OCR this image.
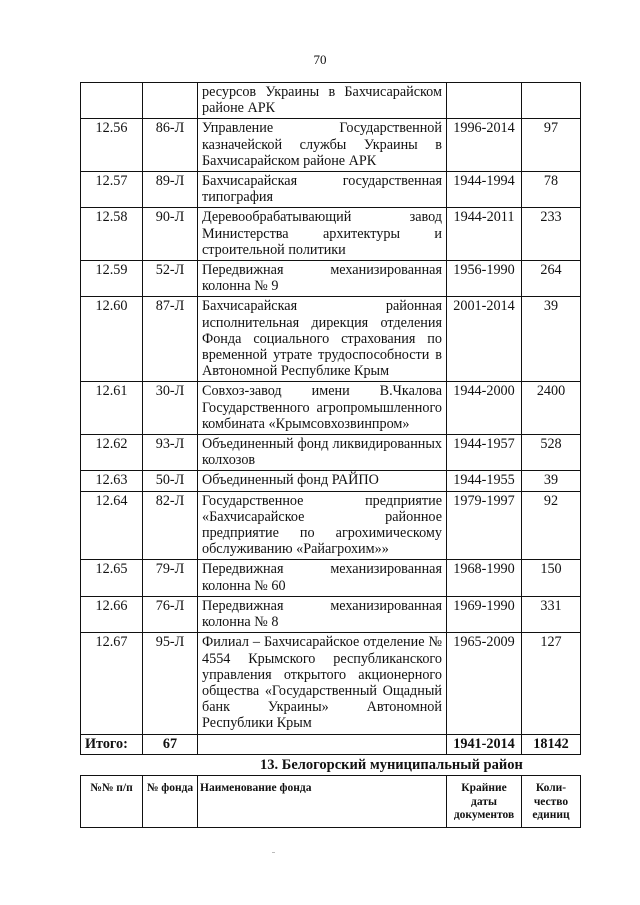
70
		ресурсов Украины в Бахчисарайском районе АРК		
12.56	86-Л	Управление Государственной казначейской службы Украины в Бахчисарайском районе АРК	1996-2014	97
12.57	89-Л	Бахчисарайская государственная типография	1944-1994	78
12.58	90-Л	Деревообрабатывающий завод Министерства архитектуры и строительной политики	1944-2011	233
12.59	52-Л	Передвижная механизированная колонна № 9	1956-1990	264
12.60	87-Л	Бахчисарайская районная исполнительная дирекция отделения Фонда социального страхования по временной утрате трудоспособности в Автономной Республике Крым	2001-2014	39
12.61	30-Л	Совхоз-завод имени В.Чкалова Государственного агропромышленного комбината «Крымсовхозвинпром»	1944-2000	2400
12.62	93-Л	Объединенный фонд ликвидированных колхозов	1944-1957	528
12.63	50-Л	Объединенный фонд РАЙПО	1944-1955	39
12.64	82-Л	Государственное предприятие «Бахчисарайское районное предприятие по агрохимическому обслуживанию «Райагрохим»»	1979-1997	92
12.65	79-Л	Передвижная механизированная колонна № 60	1968-1990	150
12.66	76-Л	Передвижная механизированная колонна № 8	1969-1990	331
12.67	95-Л	Филиал – Бахчисарайское отделение № 4554 Крымского республиканского управления открытого акционерного общества «Государственный Ощадный банк Украины» Автономной Республики Крым	1965-2009	127
Итого:	67		1941-2014	18142
13. Белогорский муниципальный район
№№ п/п	№ фонда	Наименование фонда	Крайние даты документов	Коли-чество единиц
